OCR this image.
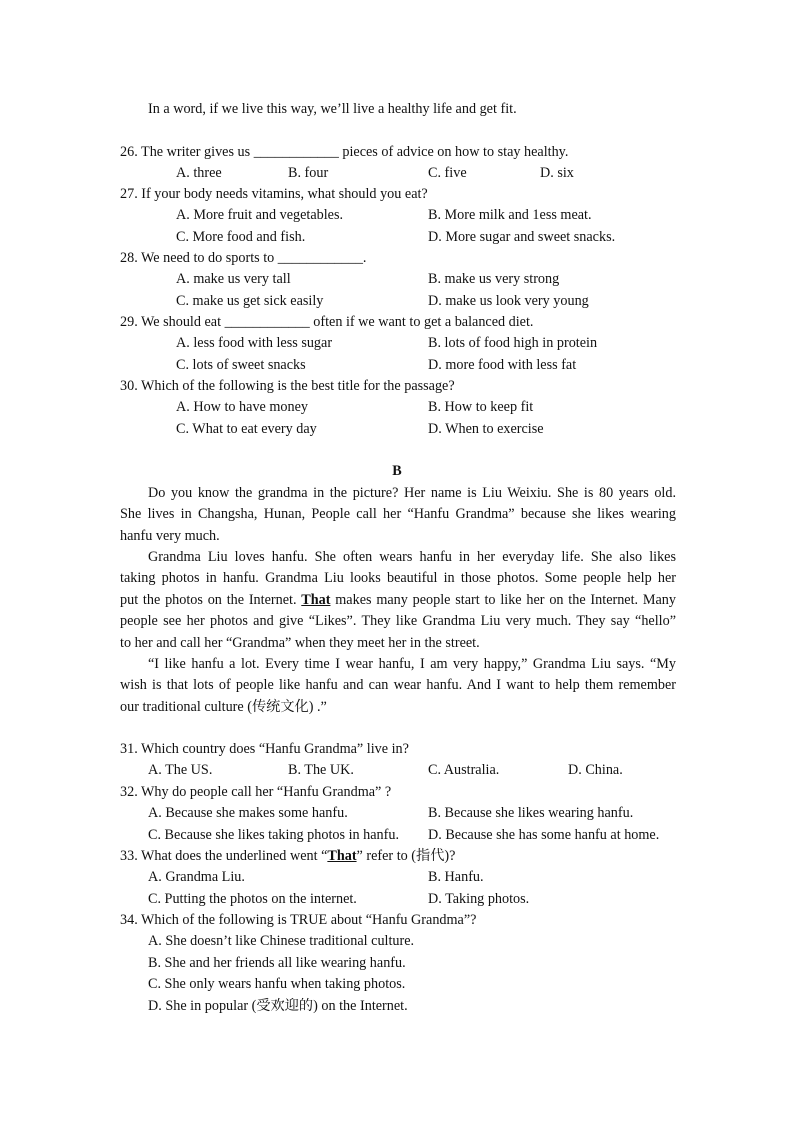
In a word, if we live this way, we’ll live a healthy life and get fit.
26. The writer gives us ____________ pieces of advice on how to stay healthy.
A. three	B. four	C. five	D. six
27. If your body needs vitamins, what should you eat?
A. More fruit and vegetables.	B. More milk and 1ess meat.
C. More food and fish.	D. More sugar and sweet snacks.
28. We need to do sports to ____________.
A. make us very tall	B. make us very strong
C. make us get sick easily	D. make us look very young
29. We should eat ____________ often if we want to get a balanced diet.
A. less food with less sugar	B. lots of food high in protein
C. lots of sweet snacks	D. more food with less fat
30. Which of the following is the best title for the passage?
A. How to have money	B. How to keep fit
C. What to eat every day	D. When to exercise
B
Do you know the grandma in the picture? Her name is Liu Weixiu. She is 80 years old.
She lives in Changsha, Hunan, People call her “Hanfu Grandma” because she likes wearing
hanfu very much.
Grandma Liu loves hanfu. She often wears hanfu in her everyday life. She also likes
taking photos in hanfu. Grandma Liu looks beautiful in those photos. Some people help her
put the photos on the Internet. That makes many people start to like her on the Internet. Many
people see her photos and give “Likes”. They like Grandma Liu very much. They say “hello”
to her and call her “Grandma” when they meet her in the street.
“I like hanfu a lot. Every time I wear hanfu, I am very happy,” Grandma Liu says. “My
wish is that lots of people like hanfu and can wear hanfu. And I want to help them remember
our traditional culture (传统文化) .”
31. Which country does “Hanfu Grandma” live in?
A. The US.	B. The UK.	C. Australia.	D. China.
32. Why do people call her “Hanfu Grandma” ?
A. Because she makes some hanfu.	B. Because she likes wearing hanfu.
C. Because she likes taking photos in hanfu. D. Because she has some hanfu at home.
33. What does the underlined went “That” refer to (指代)?
A. Grandma Liu.	B. Hanfu.
C. Putting the photos on the internet.	D. Taking photos.
34. Which of the following is TRUE about “Hanfu Grandma”?
A. She doesn’t like Chinese traditional culture.
B. She and her friends all like wearing hanfu.
C. She only wears hanfu when taking photos.
D. She in popular (受欢迎的) on the Internet.
